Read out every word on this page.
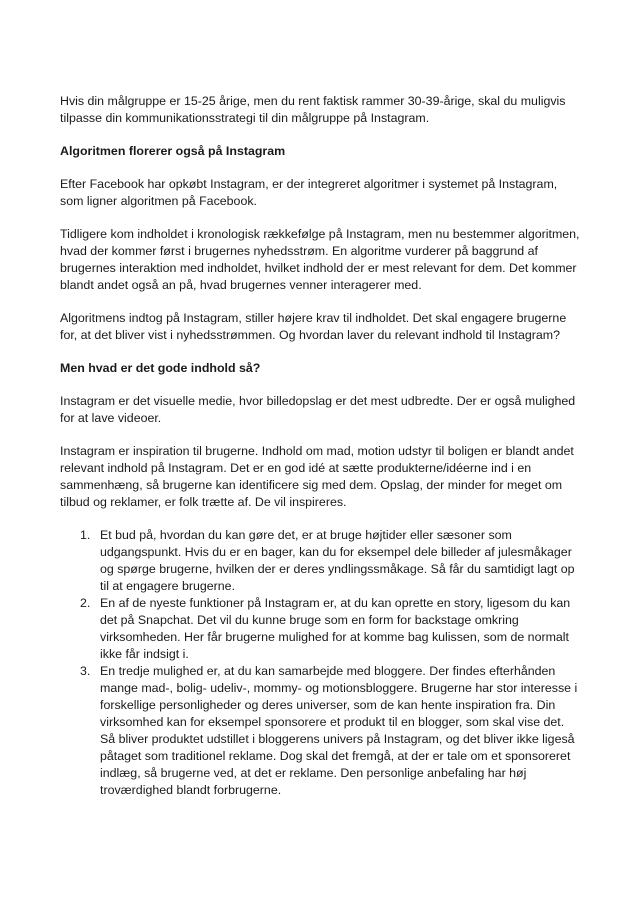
Hvis din målgruppe er 15-25 årige, men du rent faktisk rammer 30-39-årige, skal du muligvis tilpasse din kommunikationsstrategi til din målgruppe på Instagram.

Algoritmen florerer også på Instagram

Efter Facebook har opkøbt Instagram, er der integreret algoritmer i systemet på Instagram, som ligner algoritmen på Facebook.

Tidligere kom indholdet i kronologisk rækkefølge på Instagram, men nu bestemmer algoritmen, hvad der kommer først i brugernes nyhedsstrøm. En algoritme vurderer på baggrund af brugernes interaktion med indholdet, hvilket indhold der er mest relevant for dem. Det kommer blandt andet også an på, hvad brugernes venner interagerer med.

Algoritmens indtog på Instagram, stiller højere krav til indholdet. Det skal engagere brugerne for, at det bliver vist i nyhedsstrømmen. Og hvordan laver du relevant indhold til Instagram?

Men hvad er det gode indhold så?

Instagram er det visuelle medie, hvor billedopslag er det mest udbredte. Der er også mulighed for at lave videoer.

Instagram er inspiration til brugerne. Indhold om mad, motion udstyr til boligen er blandt andet relevant indhold på Instagram. Det er en god idé at sætte produkterne/idéerne ind i en sammenhæng, så brugerne kan identificere sig med dem. Opslag, der minder for meget om tilbud og reklamer, er folk trætte af. De vil inspireres.

1. Et bud på, hvordan du kan gøre det, er at bruge højtider eller sæsoner som udgangspunkt. Hvis du er en bager, kan du for eksempel dele billeder af julesmåkager og spørge brugerne, hvilken der er deres yndlingssmåkage. Så får du samtidigt lagt op til at engagere brugerne.
2. En af de nyeste funktioner på Instagram er, at du kan oprette en story, ligesom du kan det på Snapchat. Det vil du kunne bruge som en form for backstage omkring virksomheden. Her får brugerne mulighed for at komme bag kulissen, som de normalt ikke får indsigt i.
3. En tredje mulighed er, at du kan samarbejde med bloggere. Der findes efterhånden mange mad-, bolig- udeliv-, mommy- og motionsbloggere. Brugerne har stor interesse i forskellige personligheder og deres universer, som de kan hente inspiration fra. Din virksomhed kan for eksempel sponsorere et produkt til en blogger, som skal vise det. Så bliver produktet udstillet i bloggerens univers på Instagram, og det bliver ikke ligeså påtaget som traditionel reklame. Dog skal det fremgå, at der er tale om et sponsoreret indlæg, så brugerne ved, at det er reklame. Den personlige anbefaling har høj troværdighed blandt forbrugerne.
